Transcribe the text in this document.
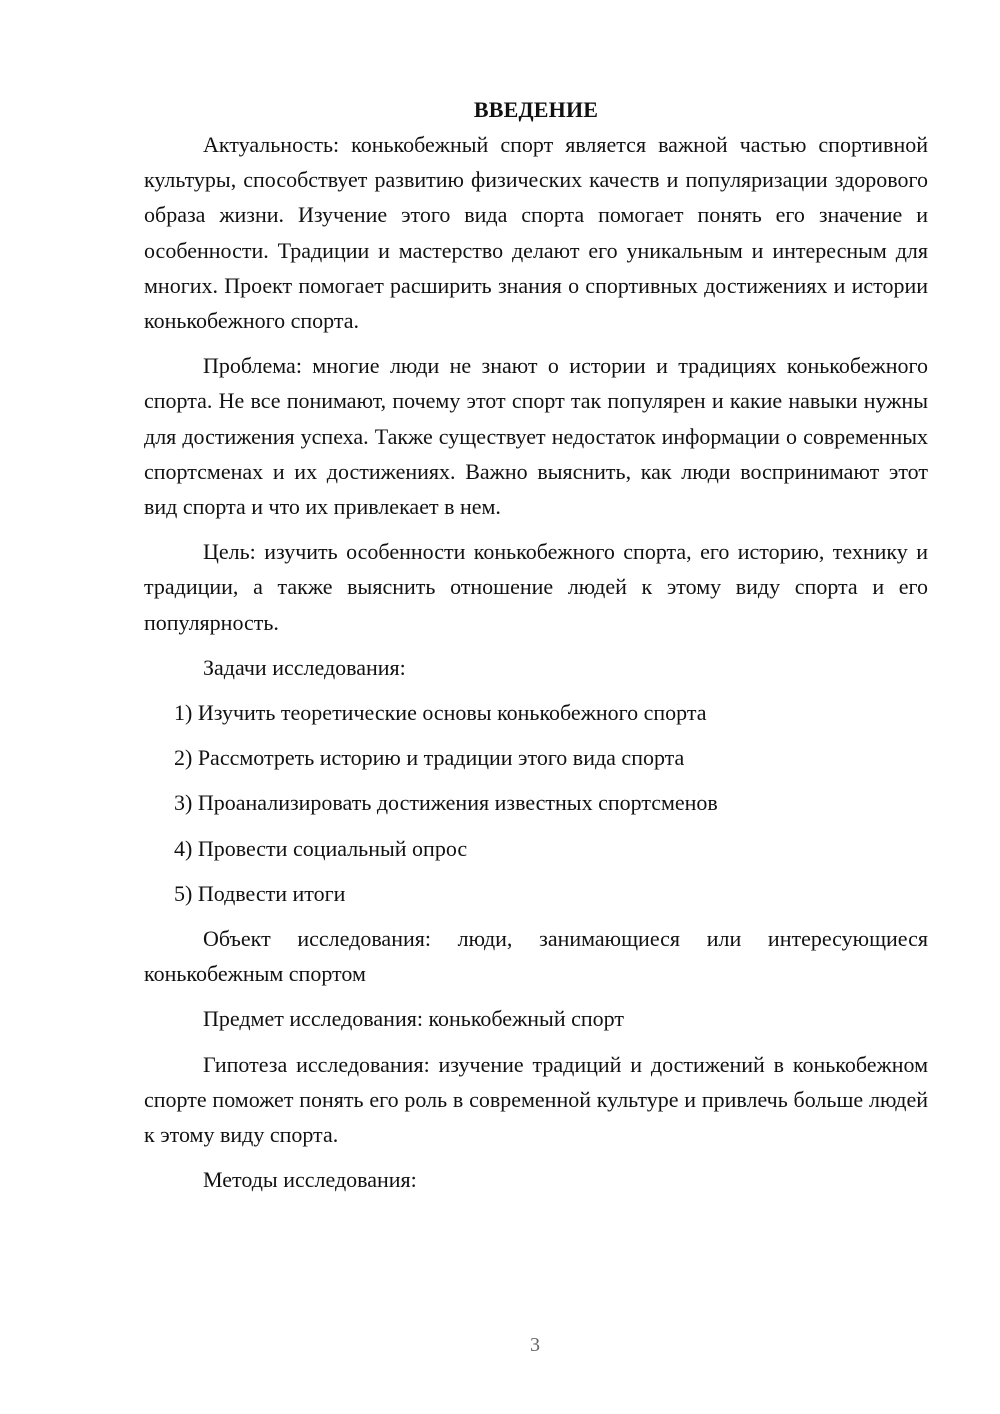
ВВЕДЕНИЕ

Актуальность: конькобежный спорт является важной частью спортивной культуры, способствует развитию физических качеств и популяризации здорового образа жизни. Изучение этого вида спорта помогает понять его значение и особенности. Традиции и мастерство делают его уникальным и интересным для многих. Проект помогает расширить знания о спортивных достижениях и истории конькобежного спорта.

Проблема: многие люди не знают о истории и традициях конькобежного спорта. Не все понимают, почему этот спорт так популярен и какие навыки нужны для достижения успеха. Также существует недостаток информации о современных спортсменах и их достижениях. Важно выяснить, как люди воспринимают этот вид спорта и что их привлекает в нем.

Цель: изучить особенности конькобежного спорта, его историю, технику и традиции, а также выяснить отношение людей к этому виду спорта и его популярность.

Задачи исследования:

1) Изучить теоретические основы конькобежного спорта
2) Рассмотреть историю и традиции этого вида спорта
3) Проанализировать достижения известных спортсменов
4) Провести социальный опрос
5) Подвести итоги

Объект исследования: люди, занимающиеся или интересующиеся конькобежным спортом

Предмет исследования: конькобежный спорт

Гипотеза исследования: изучение традиций и достижений в конькобежном спорте поможет понять его роль в современной культуре и привлечь больше людей к этому виду спорта.

Методы исследования:

3
